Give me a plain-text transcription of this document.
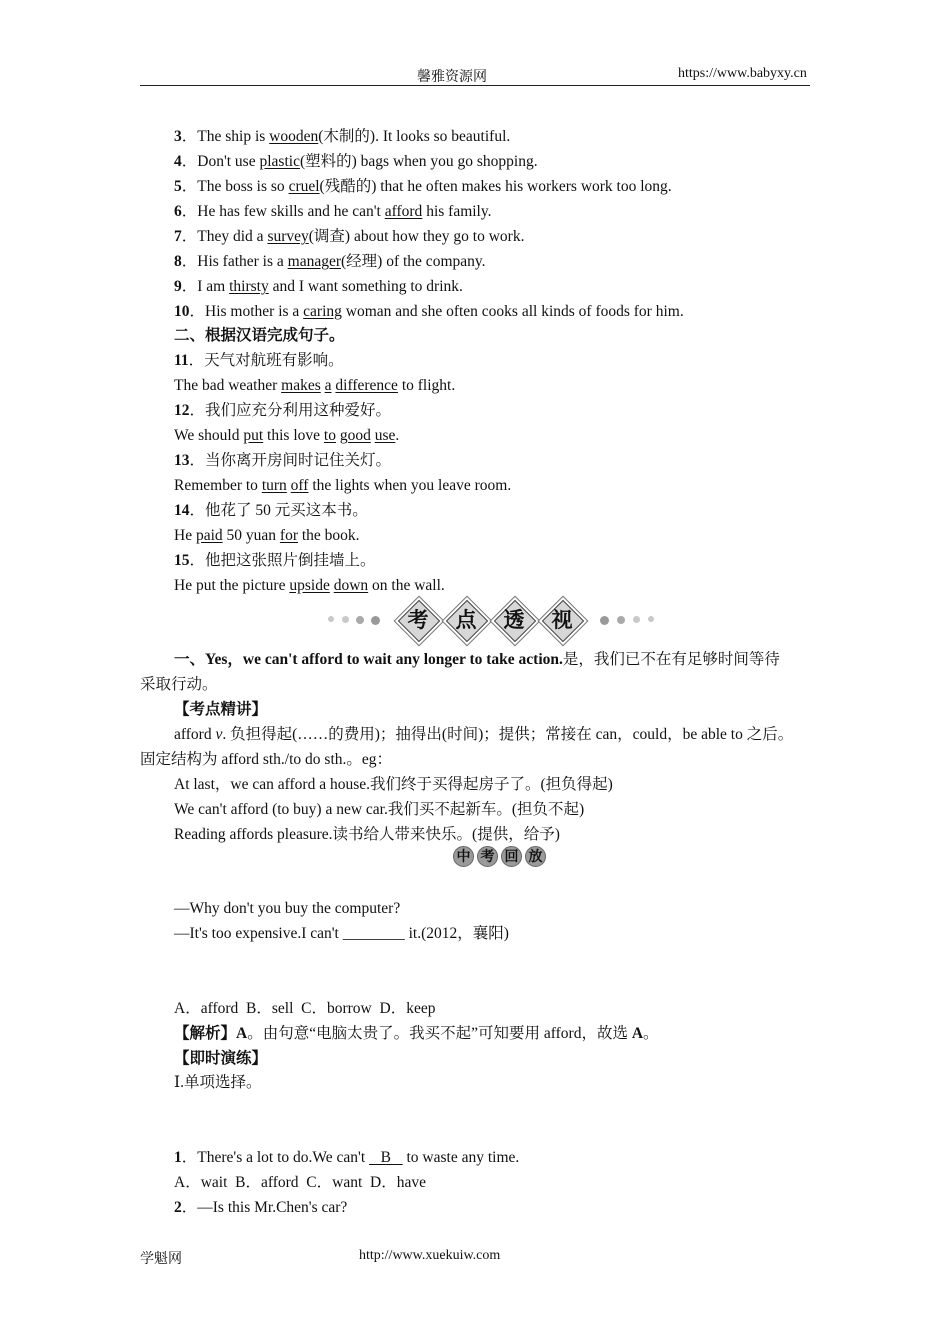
馨雅资源网	https://www.babyxy.cn
3．The ship is wooden(木制的). It looks so beautiful.
4．Don't use plastic(塑料的) bags when you go shopping.
5．The boss is so cruel(残酷的) that he often makes his workers work too long.
6．He has few skills and he can't afford his family.
7．They did a survey(调查) about how they go to work.
8．His father is a manager(经理) of the company.
9．I am thirsty and I want something to drink.
10．His mother is a caring woman and she often cooks all kinds of foods for him.
二、根据汉语完成句子。
11．天气对航班有影响。
The bad weather makes a difference to flight.
12．我们应充分利用这种爱好。
We should put this love to good use.
13．当你离开房间时记住关灯。
Remember to turn off the lights when you leave room.
14．他花了 50 元买这本书。
He paid 50 yuan for the book.
15．他把这张照片倒挂墙上。
He put the picture upside down on the wall.
考	点	透	视
一、Yes，we can't afford to wait any longer to take action.是，我们已不在有足够时间等待
采取行动。
【考点精讲】
afford v. 负担得起(……的费用)；抽得出(时间)；提供；常接在 can，could，be able to 之后。
固定结构为 afford sth./to do sth.。eg：
At last，we can afford a house.我们终于买得起房子了。(担负得起)
We can't afford (to buy) a new car.我们买不起新车。(担负不起)
Reading affords pleasure.读书给人带来快乐。(提供，给予)
中 考 回 放
—Why don't you buy the computer?
—It's too expensive.I can't ________ it.(2012，襄阳)
A．afford  B．sell  C．borrow  D．keep
【解析】A。由句意“电脑太贵了。我买不起”可知要用 afford，故选 A。
【即时演练】
Ⅰ.单项选择。
1．There's a lot to do.We can't    B    to waste any time.
A．wait  B．afford  C．want  D．have
2．—Is this Mr.Chen's car?
学魁网	http://www.xuekuiw.com
